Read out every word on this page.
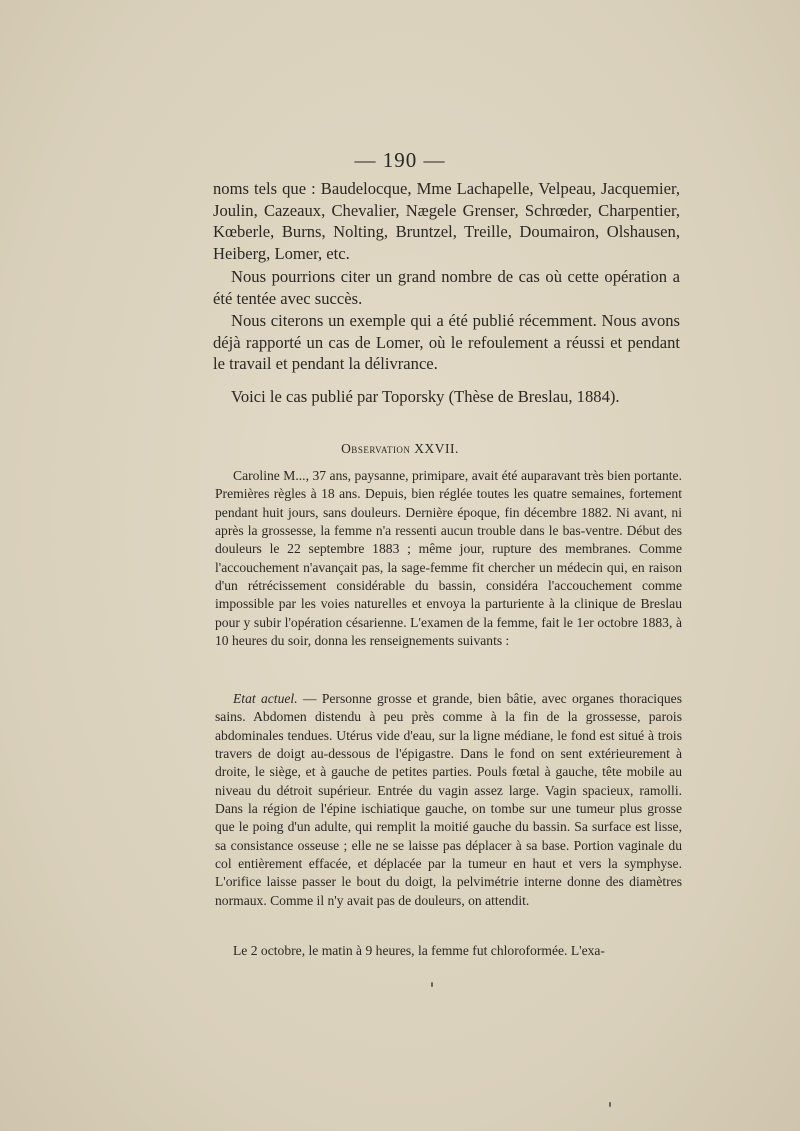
— 190 —

noms tels que : Baudelocque, Mme Lachapelle, Velpeau, Jacquemier, Joulin, Cazeaux, Chevalier, Nægele Grenser, Schrœder, Charpentier, Kœberle, Burns, Nolting, Bruntzel, Treille, Doumairon, Olshausen, Heiberg, Lomer, etc.

Nous pourrions citer un grand nombre de cas où cette opération a été tentée avec succès.

Nous citerons un exemple qui a été publié récemment. Nous avons déjà rapporté un cas de Lomer, où le refoulement a réussi et pendant le travail et pendant la délivrance.

Voici le cas publié par Toporsky (Thèse de Breslau, 1884).

Observation XXVII.

Caroline M..., 37 ans, paysanne, primipare, avait été auparavant très bien portante. Premières règles à 18 ans. Depuis, bien réglée toutes les quatre semaines, fortement pendant huit jours, sans douleurs. Dernière époque, fin décembre 1882. Ni avant, ni après la grossesse, la femme n'a ressenti aucun trouble dans le bas-ventre. Début des douleurs le 22 septembre 1883 ; même jour, rupture des membranes. Comme l'accouchement n'avançait pas, la sage-femme fit chercher un médecin qui, en raison d'un rétrécissement considérable du bassin, considéra l'accouchement comme impossible par les voies naturelles et envoya la parturiente à la clinique de Breslau pour y subir l'opération césarienne. L'examen de la femme, fait le 1er octobre 1883, à 10 heures du soir, donna les renseignements suivants :

Etat actuel. — Personne grosse et grande, bien bâtie, avec organes thoraciques sains. Abdomen distendu à peu près comme à la fin de la grossesse, parois abdominales tendues. Utérus vide d'eau, sur la ligne médiane, le fond est situé à trois travers de doigt au-dessous de l'épigastre. Dans le fond on sent extérieurement à droite, le siège, et à gauche de petites parties. Pouls fœtal à gauche, tête mobile au niveau du détroit supérieur. Entrée du vagin assez large. Vagin spacieux, ramolli. Dans la région de l'épine ischiatique gauche, on tombe sur une tumeur plus grosse que le poing d'un adulte, qui remplit la moitié gauche du bassin. Sa surface est lisse, sa consistance osseuse ; elle ne se laisse pas déplacer à sa base. Portion vaginale du col entièrement effacée, et déplacée par la tumeur en haut et vers la symphyse. L'orifice laisse passer le bout du doigt, la pelvimétrie interne donne des diamètres normaux. Comme il n'y avait pas de douleurs, on attendit.

Le 2 octobre, le matin à 9 heures, la femme fut chloroformée. L'exa-
